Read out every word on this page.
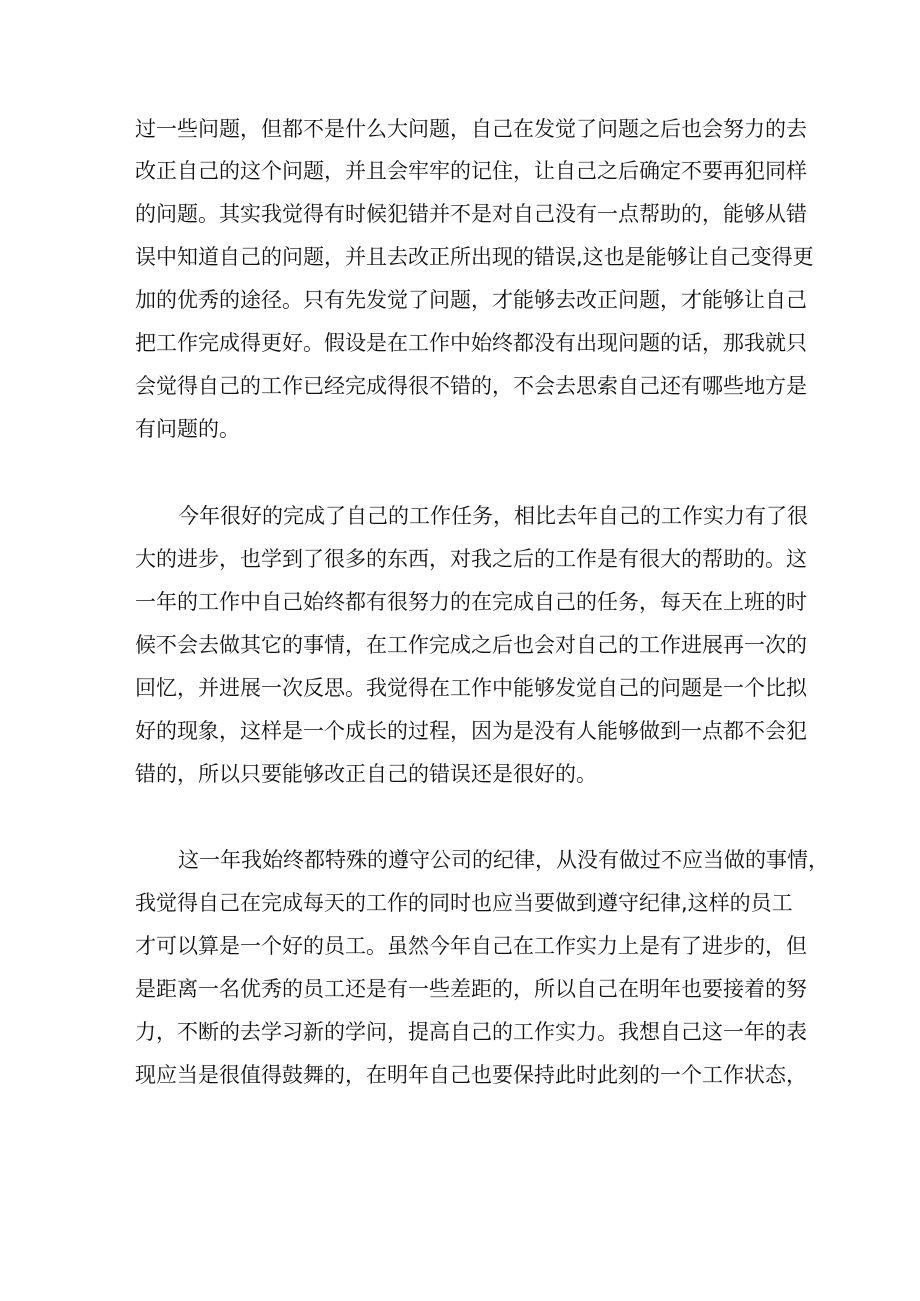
过一些问题，但都不是什么大问题，自己在发觉了问题之后也会努力的去
改正自己的这个问题，并且会牢牢的记住，让自己之后确定不要再犯同样
的问题。其实我觉得有时候犯错并不是对自己没有一点帮助的，能够从错
误中知道自己的问题，并且去改正所出现的错误,这也是能够让自己变得更
加的优秀的途径。只有先发觉了问题，才能够去改正问题，才能够让自己
把工作完成得更好。假设是在工作中始终都没有出现问题的话，那我就只
会觉得自己的工作已经完成得很不错的，不会去思索自己还有哪些地方是
有问题的。
今年很好的完成了自己的工作任务，相比去年自己的工作实力有了很
大的进步，也学到了很多的东西，对我之后的工作是有很大的帮助的。这
一年的工作中自己始终都有很努力的在完成自己的任务，每天在上班的时
候不会去做其它的事情，在工作完成之后也会对自己的工作进展再一次的
回忆，并进展一次反思。我觉得在工作中能够发觉自己的问题是一个比拟
好的现象，这样是一个成长的过程，因为是没有人能够做到一点都不会犯
错的，所以只要能够改正自己的错误还是很好的。
这一年我始终都特殊的遵守公司的纪律，从没有做过不应当做的事情，
我觉得自己在完成每天的工作的同时也应当要做到遵守纪律,这样的员工
才可以算是一个好的员工。虽然今年自己在工作实力上是有了进步的，但
是距离一名优秀的员工还是有一些差距的，所以自己在明年也要接着的努
力，不断的去学习新的学问，提高自己的工作实力。我想自己这一年的表
现应当是很值得鼓舞的，在明年自己也要保持此时此刻的一个工作状态，
